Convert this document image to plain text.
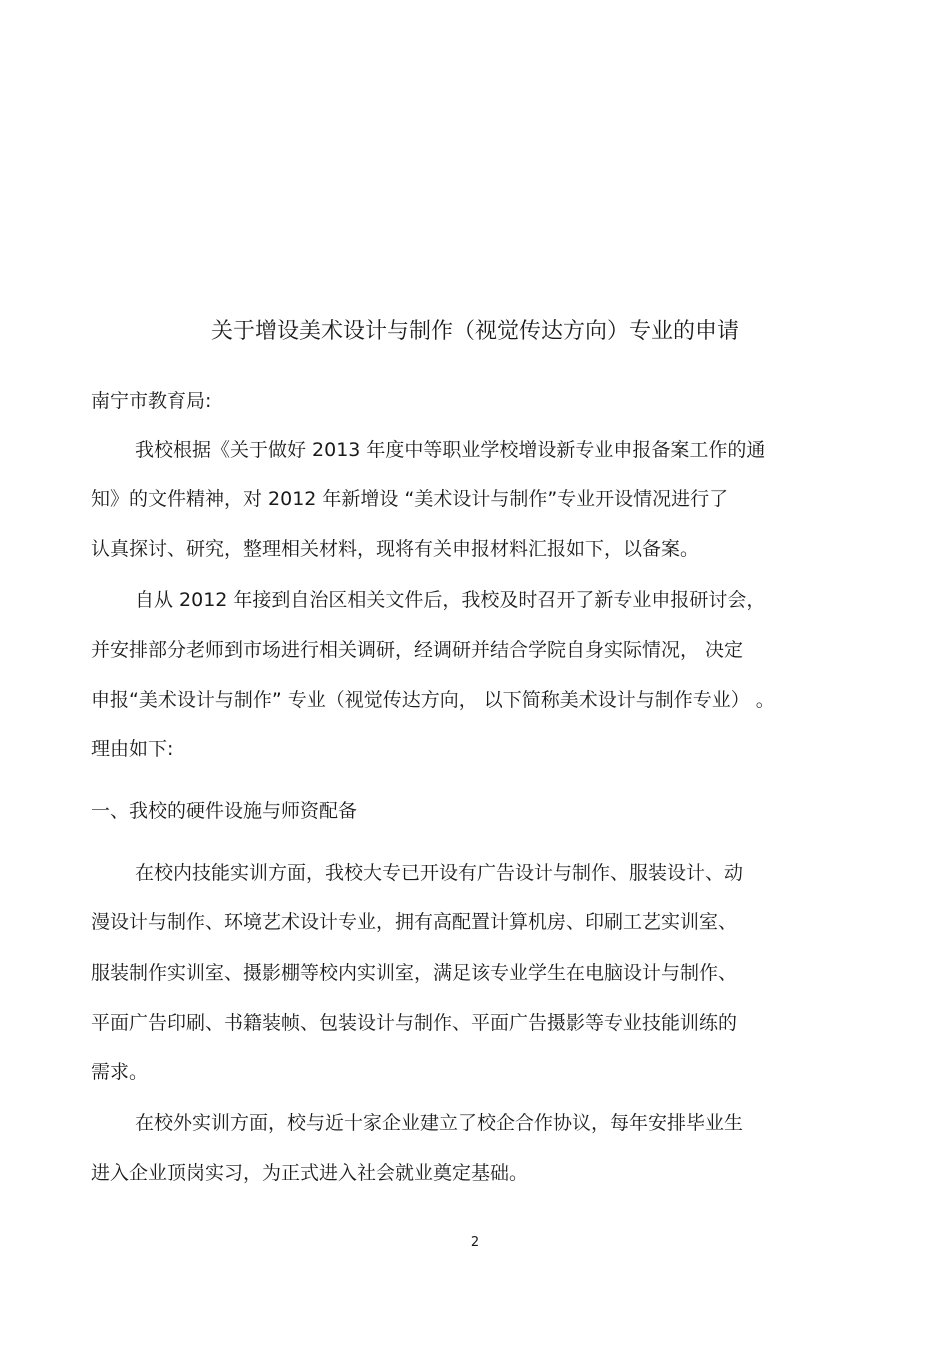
关于增设美术设计与制作（视觉传达方向）专业的申请
南宁市教育局:
我校根据《关于做好 2013 年度中等职业学校增设新专业申报备案工作的通
知》的文件精神，对 2012 年新增设 “美术设计与制作”专业开设情况进行了
认真探讨、研究，整理相关材料，现将有关申报材料汇报如下，以备案。
自从 2012 年接到自治区相关文件后，我校及时召开了新专业申报研讨会，
并安排部分老师到市场进行相关调研，经调研并结合学院自身实际情况， 决定
申报“美术设计与制作” 专业（视觉传达方向， 以下简称美术设计与制作专业） 。
理由如下:
一、我校的硬件设施与师资配备
在校内技能实训方面，我校大专已开设有广告设计与制作、服装设计、动
漫设计与制作、环境艺术设计专业，拥有高配置计算机房、印刷工艺实训室、
服装制作实训室、摄影棚等校内实训室，满足该专业学生在电脑设计与制作、
平面广告印刷、书籍装帧、包装设计与制作、平面广告摄影等专业技能训练的
需求。
在校外实训方面，校与近十家企业建立了校企合作协议，每年安排毕业生
进入企业顶岗实习，为正式进入社会就业奠定基础。
2
